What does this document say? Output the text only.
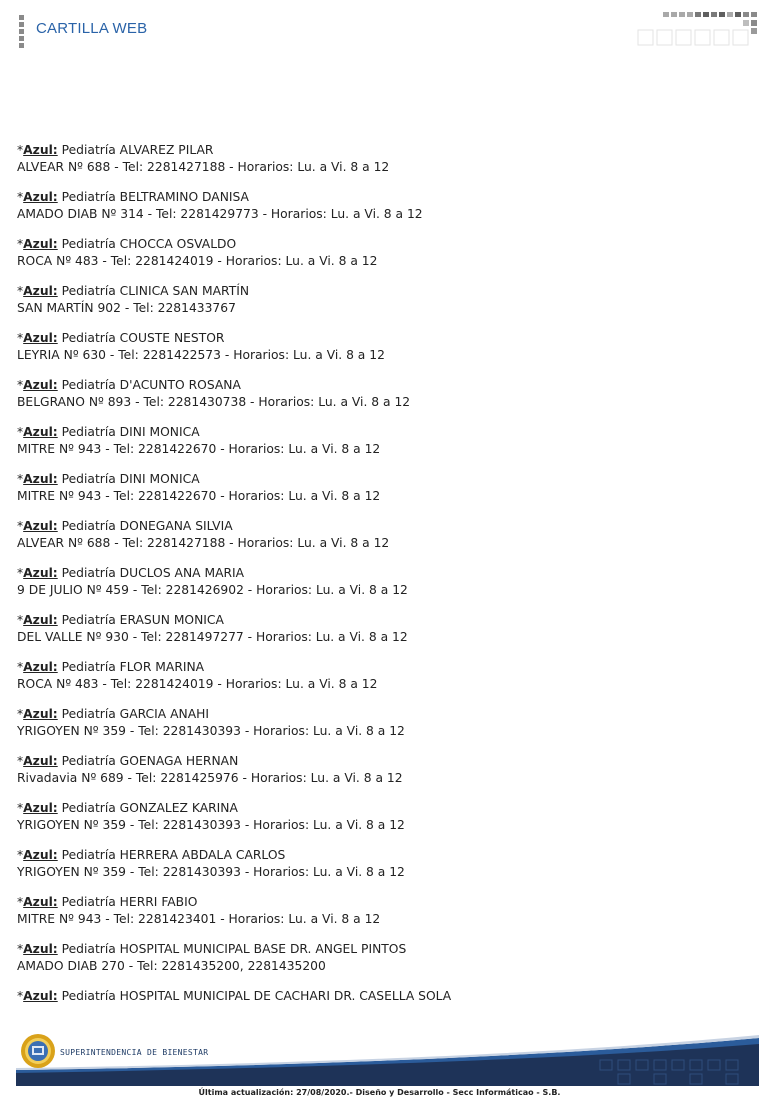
CARTILLA WEB
*Azul: Pediatría ALVAREZ PILAR
ALVEAR Nº 688 - Tel: 2281427188 - Horarios: Lu. a Vi. 8 a 12
*Azul: Pediatría BELTRAMINO DANISA
AMADO DIAB Nº 314 - Tel: 2281429773 - Horarios: Lu. a Vi. 8 a 12
*Azul: Pediatría CHOCCA OSVALDO
ROCA Nº 483 - Tel: 2281424019 - Horarios: Lu. a Vi. 8 a 12
*Azul: Pediatría CLINICA SAN MARTÍN
SAN MARTÍN 902 - Tel: 2281433767
*Azul: Pediatría COUSTE NESTOR
LEYRIA Nº 630 - Tel: 2281422573 - Horarios: Lu. a Vi. 8 a 12
*Azul: Pediatría D'ACUNTO ROSANA
BELGRANO Nº 893 - Tel: 2281430738 - Horarios: Lu. a Vi. 8 a 12
*Azul: Pediatría DINI MONICA
MITRE Nº 943 - Tel: 2281422670 - Horarios: Lu. a Vi. 8 a 12
*Azul: Pediatría DINI MONICA
MITRE Nº 943 - Tel: 2281422670 - Horarios: Lu. a Vi. 8 a 12
*Azul: Pediatría DONEGANA SILVIA
ALVEAR Nº 688 - Tel: 2281427188 - Horarios: Lu. a Vi. 8 a 12
*Azul: Pediatría DUCLOS ANA MARIA
9 DE JULIO Nº 459 - Tel: 2281426902 - Horarios: Lu. a Vi. 8 a 12
*Azul: Pediatría ERASUN MONICA
DEL VALLE Nº 930 - Tel: 2281497277 - Horarios: Lu. a Vi. 8 a 12
*Azul: Pediatría FLOR MARINA
ROCA Nº 483 - Tel: 2281424019 - Horarios: Lu. a Vi. 8 a 12
*Azul: Pediatría GARCIA ANAHI
YRIGOYEN Nº 359 - Tel: 2281430393 - Horarios: Lu. a Vi. 8 a 12
*Azul: Pediatría GOENAGA HERNAN
Rivadavia Nº 689 - Tel: 2281425976 - Horarios: Lu. a Vi. 8 a 12
*Azul: Pediatría GONZALEZ KARINA
YRIGOYEN Nº 359 - Tel: 2281430393 - Horarios: Lu. a Vi. 8 a 12
*Azul: Pediatría HERRERA ABDALA CARLOS
YRIGOYEN Nº 359 - Tel: 2281430393 - Horarios: Lu. a Vi. 8 a 12
*Azul: Pediatría HERRI FABIO
MITRE Nº 943 - Tel: 2281423401 - Horarios: Lu. a Vi. 8 a 12
*Azul: Pediatría HOSPITAL MUNICIPAL BASE DR. ANGEL PINTOS
AMADO DIAB 270 - Tel: 2281435200, 2281435200
*Azul: Pediatría HOSPITAL MUNICIPAL DE CACHARI DR. CASELLA SOLA
SUPERINTENDENCIA DE BIENESTAR
Última actualización: 27/08/2020.- Diseño y Desarrollo - Secc Informáticao - S.B.
